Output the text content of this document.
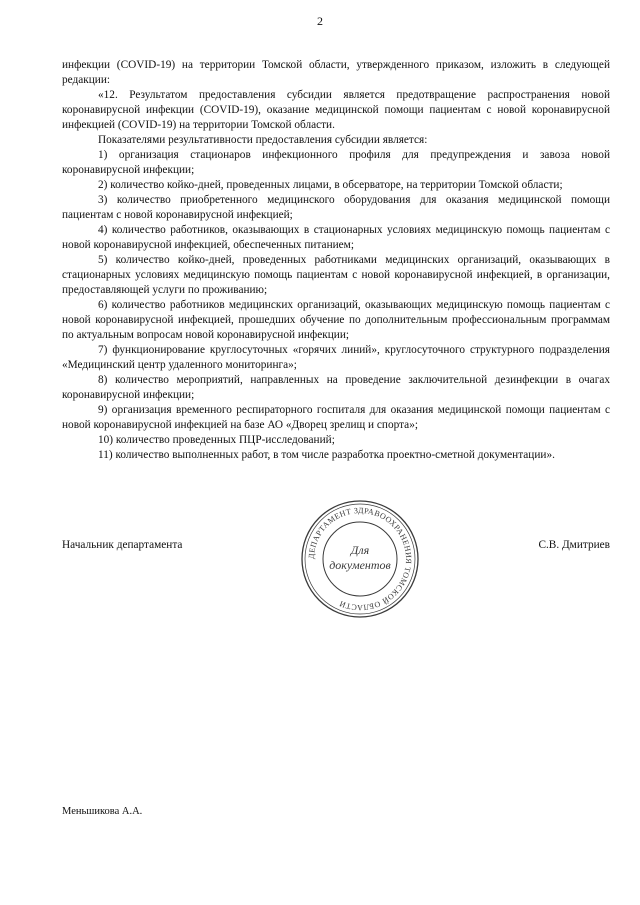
2

инфекции (COVID-19) на территории Томской области, утвержденного приказом, изложить в следующей редакции:

«12. Результатом предоставления субсидии является предотвращение распространения новой коронавирусной инфекции (COVID-19), оказание медицинской помощи пациентам с новой коронавирусной инфекцией (COVID-19) на территории Томской области.

Показателями результативности предоставления субсидии является:

1) организация стационаров инфекционного профиля для предупреждения и завоза новой коронавирусной инфекции;

2) количество койко-дней, проведенных лицами, в обсерваторе, на территории Томской области;

3) количество приобретенного медицинского оборудования для оказания медицинской помощи пациентам с новой коронавирусной инфекцией;

4) количество работников, оказывающих в стационарных условиях медицинскую помощь пациентам с новой коронавирусной инфекцией, обеспеченных питанием;

5) количество койко-дней, проведенных работниками медицинских организаций, оказывающих в стационарных условиях медицинскую помощь пациентам с новой коронавирусной инфекцией, в организации, предоставляющей услуги по проживанию;

6) количество работников медицинских организаций, оказывающих медицинскую помощь пациентам с новой коронавирусной инфекцией, прошедших обучение по дополнительным профессиональным программам по актуальным вопросам новой коронавирусной инфекции;

7) функционирование круглосуточных «горячих линий», круглосуточного структурного подразделения «Медицинский центр удаленного мониторинга»;

8) количество мероприятий, направленных на проведение заключительной дезинфекции в очагах коронавирусной инфекции;

9) организация временного респираторного госпиталя для оказания медицинской помощи пациентам с новой коронавирусной инфекцией на базе АО «Дворец зрелищ и спорта»;

10) количество проведенных ПЦР-исследований;

11) количество выполненных работ, в том числе разработка проектно-сметной документации».

Начальник департамента
ДЕПАРТАМЕНТ ЗДРАВООХРАНЕНИЯ ТОМСКОЙ ОБЛАСТИ
Для
документов
С.В. Дмитриев
Меньшикова А.А.
